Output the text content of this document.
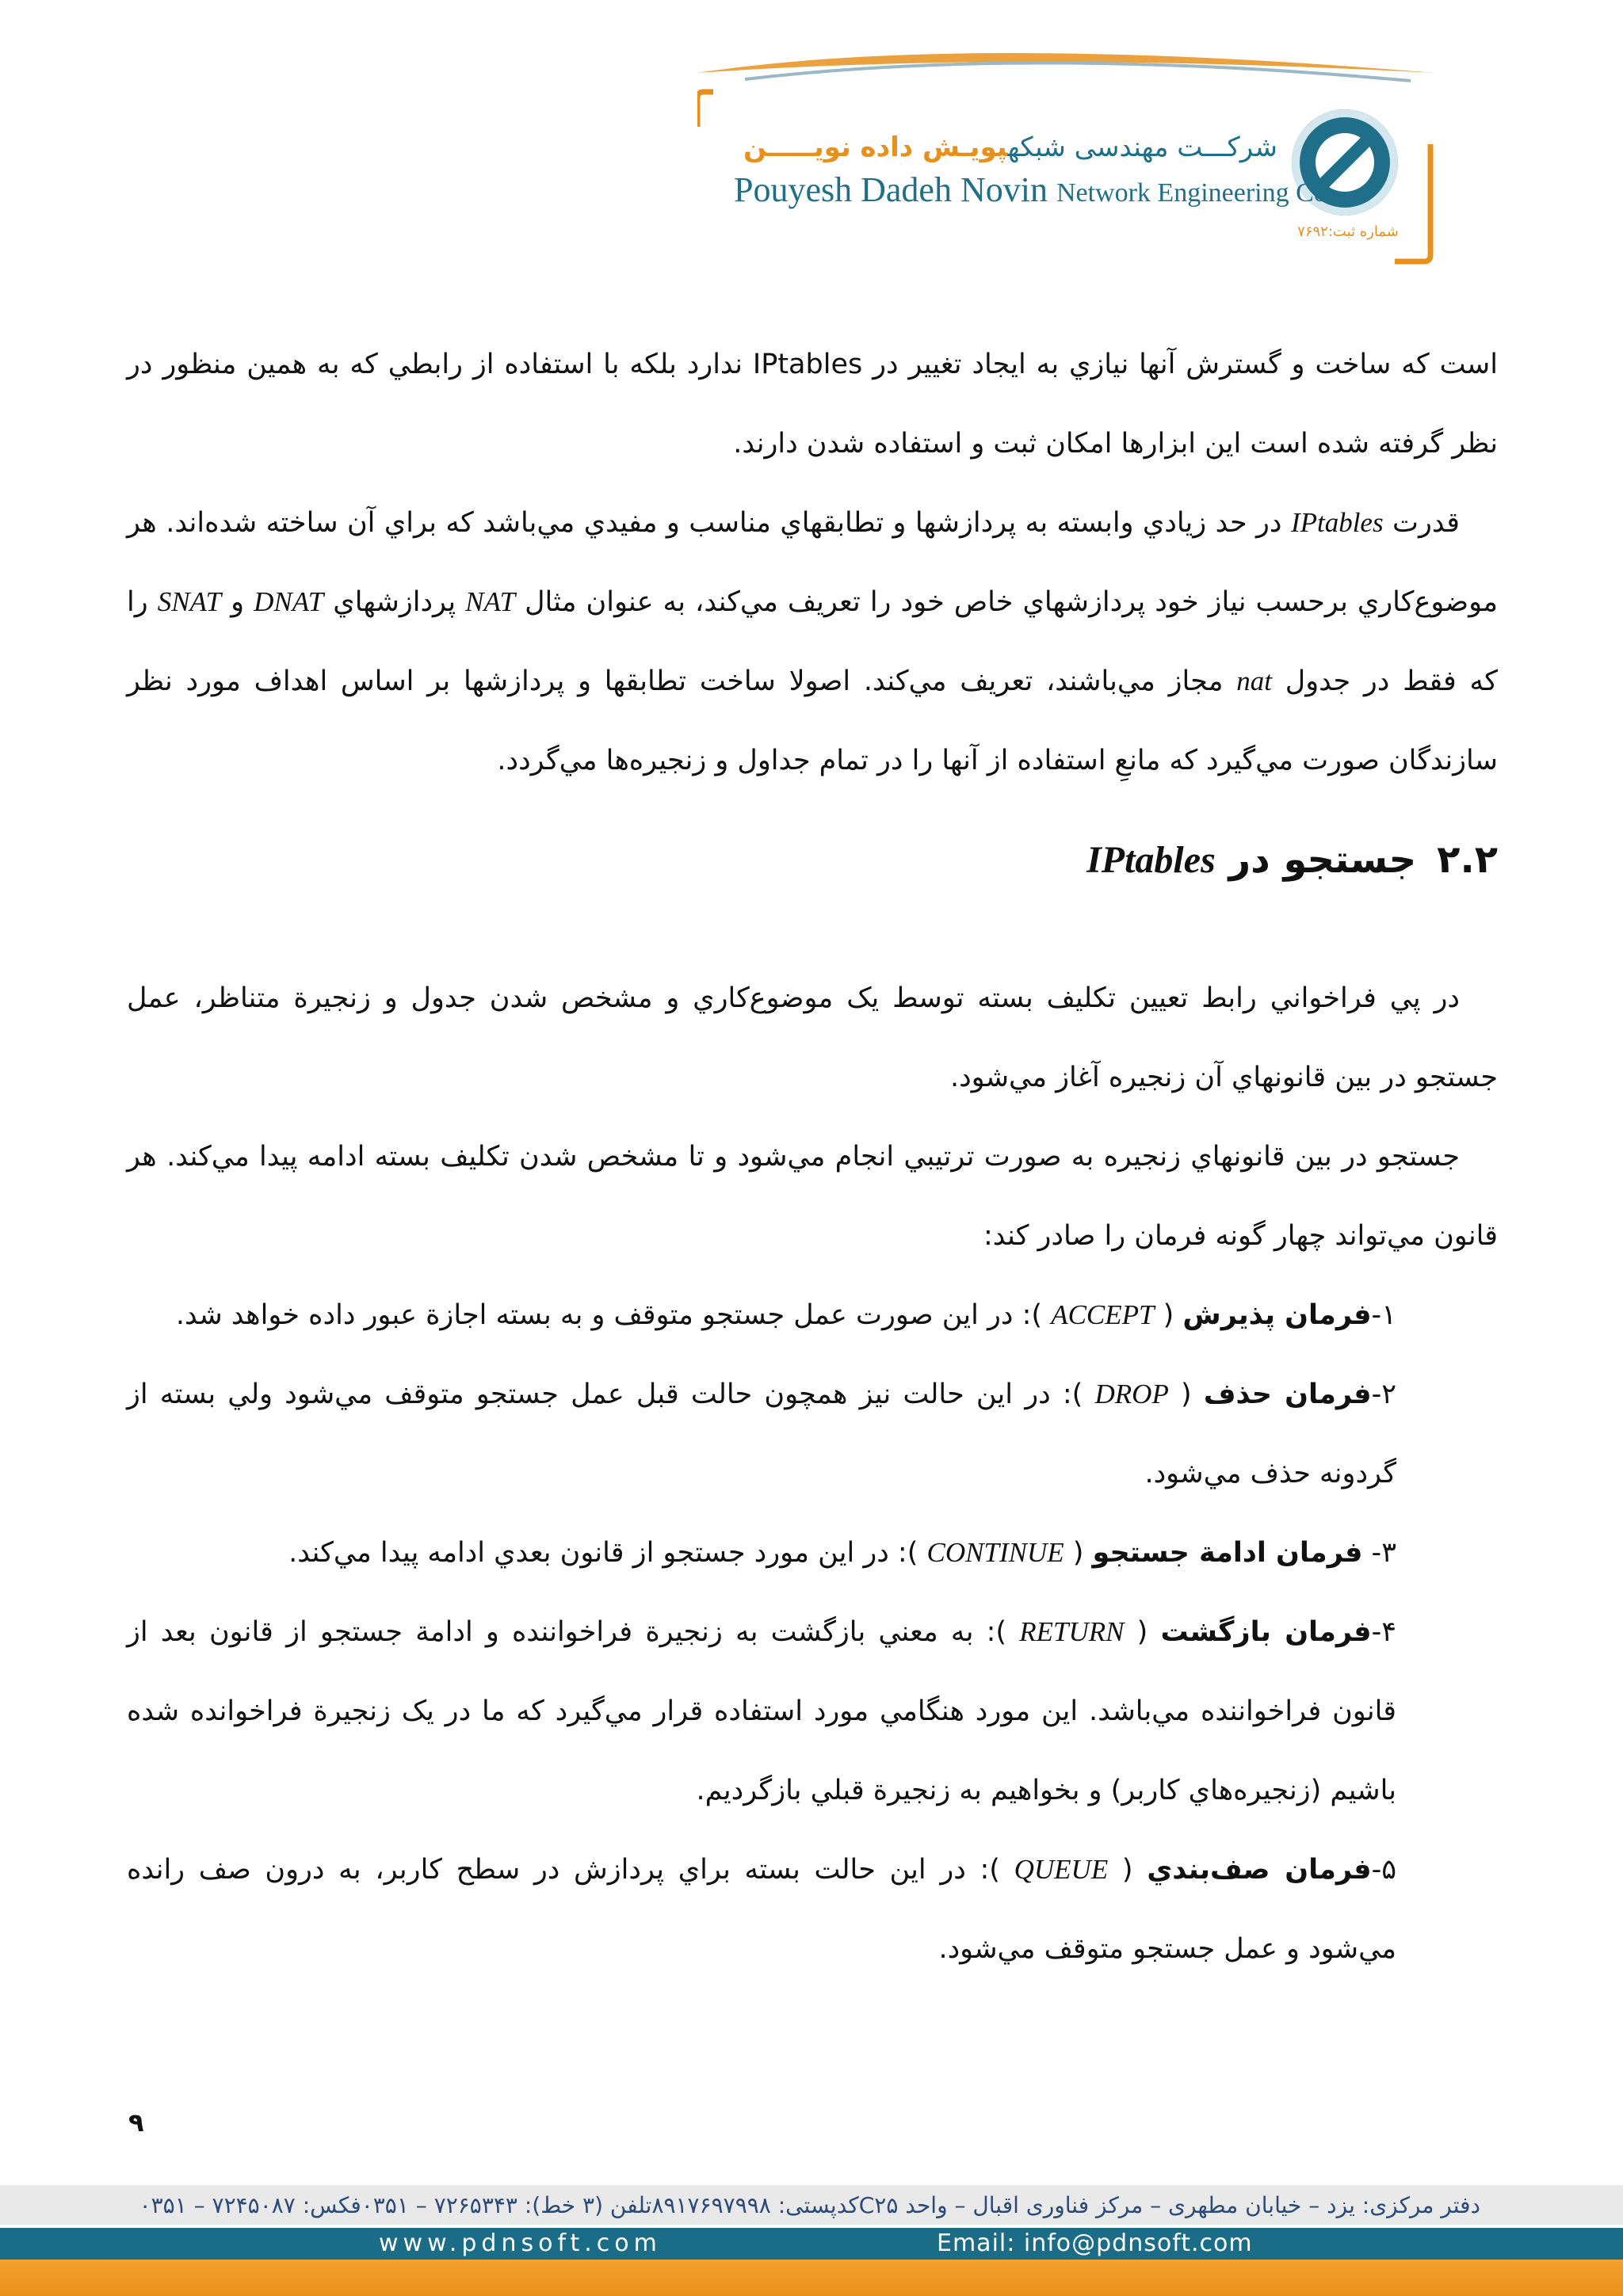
شرکـــت مهندسی شبکهپویـش داده نویـــــن
Pouyesh Dadeh Novin Network Engineering Co.
شماره ثبت:۷۶۹۲

است که ساخت و گسترش آنها نيازي به ايجاد تغيير در IPtables ندارد بلکه با استفاده از رابطي که به همين منظور در نظر گرفته شده است اين ابزارها امکان ثبت و استفاده شدن دارند.

قدرت IPtables در حد زيادي وابسته به پردازشها و تطابقهاي مناسب و مفيدي مي‌باشد که براي آن ساخته شده‌اند. هر موضوع‌کاري برحسب نياز خود پردازشهاي خاص خود را تعريف مي‌کند، به عنوان مثال NAT پردازشهاي DNAT و SNAT را که فقط در جدول nat مجاز مي‌باشند، تعريف مي‌کند. اصولا ساخت تطابقها و پردازشها بر اساس اهداف مورد نظر سازندگان صورت مي‌گيرد که مانعِ استفاده از آنها را در تمام جداول و زنجيره‌ها مي‌گردد.

۲.۲جستجو در IPtables

در پي فراخواني رابط تعيين تکليف بسته توسط يک موضوع‌کاري و مشخص شدن جدول و زنجيرة متناظر، عمل جستجو در بين قانونهاي آن زنجيره آغاز مي‌شود.

جستجو در بين قانونهاي زنجيره به صورت ترتيبي انجام مي‌شود و تا مشخص شدن تکليف بسته ادامه پيدا مي‌کند. هر قانون مي‌تواند چهار گونه فرمان را صادر کند:

۱-فرمان پذيرش ( ACCEPT ): در اين صورت عمل جستجو متوقف و به بسته اجازة عبور داده خواهد شد.

۲-فرمان حذف ( DROP ): در اين حالت نيز همچون حالت قبل عمل جستجو متوقف مي‌شود ولي بسته از گردونه حذف مي‌شود.

۳- فرمان ادامة جستجو ( CONTINUE ): در اين مورد جستجو از قانون بعدي ادامه پيدا مي‌کند.

۴-فرمان بازگشت ( RETURN ): به معني بازگشت به زنجيرة فراخواننده و ادامة جستجو از قانون بعد از قانون فراخواننده مي‌باشد. اين مورد هنگامي مورد استفاده قرار مي‌گيرد که ما در يک زنجيرة فراخوانده شده باشيم (زنجيره‌هاي کاربر) و بخواهيم به زنجيرة قبلي بازگرديم.

۵-فرمان صف‌بندي ( QUEUE ): در اين حالت بسته براي پردازش در سطح کاربر، به درون صف رانده مي‌شود و عمل جستجو متوقف مي‌شود.

۹
دفتر مرکزی: یزد – خیابان مطهری – مرکز فناوری اقبال – واحد C۲۵
کدپستی: ۸۹۱۷۶۹۷۹۹۸
تلفن (۳ خط): ۷۲۶۵۳۴۳ – ۰۳۵۱
فکس: ۷۲۴۵۰۸۷ – ۰۳۵۱
www.pdnsoft.com	Email: info@pdnsoft.com
